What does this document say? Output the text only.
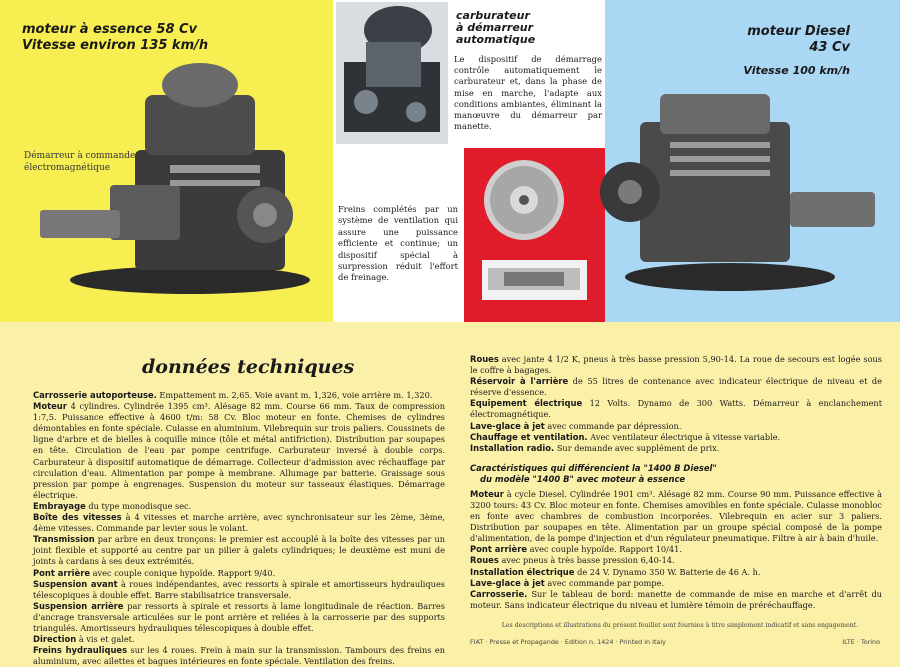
moteur à essence 58 Cv
Vitesse environ 135 km/h
Démarreur à commande électromagnétique
carburateur
à démarreur
automatique
Le dispositif de démarrage contrôle automatiquement le carburateur et, dans la phase de mise en marche, l'adapte aux conditions ambiantes, éliminant la manœuvre du démarreur par manette.
Freins complétés par un système de ventilation qui assure une puissance efficiente et continue; un dispositif spécial à surpression réduit l'effort de freinage.
moteur Diesel
43 Cv
Vitesse 100 km/h
données techniques

Carrosserie autoporteuse. Empattement m. 2,65. Voie avant m. 1,326, voie arrière m. 1,320.

Moteur 4 cylindres. Cylindrée 1395 cm³. Alésage 82 mm. Course 66 mm. Taux de compression 1:7,5. Puissance effective à 4600 t/m: 58 Cv. Bloc moteur en fonte. Chemises de cylindres démontables en fonte spéciale. Culasse en aluminium. Vilebrequin sur trois paliers. Coussinets de ligne d'arbre et de bielles à coquille mince (tôle et métal antifriction). Distribution par soupapes en tête. Circulation de l'eau par pompe centrifuge. Carburateur inversé à double corps. Carburateur à dispositif automatique de démarrage. Collecteur d'admission avec réchauffage par circulation d'eau. Alimentation par pompe à membrane. Allumage par batterie. Graissage sous pression par pompe à engrenages. Suspension du moteur sur tasseaux élastiques. Démarrage électrique.

Embrayage du type monodisque sec.

Boîte des vitesses à 4 vitesses et marche arrière, avec synchronisateur sur les 2ème, 3ème, 4ème vitesses. Commande par levier sous le volant.

Transmission par arbre en deux tronçons: le premier est accouplé à la boîte des vitesses par un joint flexible et supporté au centre par un pilier à galets cylindriques; le deuxième est muni de joints à cardans à ses deux extrémités.

Pont arrière avec couple conique hypoïde. Rapport 9/40.

Suspension avant à roues indépendantes, avec ressorts à spirale et amortisseurs hydrauliques télescopiques à double effet. Barre stabilisatrice transversale.

Suspension arrière par ressorts à spirale et ressorts à lame longitudinale de réaction. Barres d'ancrage transversale articulées sur le pont arrière et reliées à la carrosserie par des supports triangulés. Amortisseurs hydrauliques télescopiques à double effet.

Direction à vis et galet.

Freins hydrauliques sur les 4 roues. Frein à main sur la transmission. Tambours des freins en aluminium, avec ailettes et bagues intérieures en fonte spéciale. Ventilation des freins.

Roues avec jante 4 1/2 K, pneus à très basse pression 5,90-14. La roue de secours est logée sous le coffre à bagages.

Réservoir à l'arrière de 55 litres de contenance avec indicateur électrique de niveau et de réserve d'essence.

Equipement électrique 12 Volts. Dynamo de 300 Watts. Démarreur à enclanchement électromagnétique.

Lave-glace à jet avec commande par dépression.

Chauffage et ventilation. Avec ventilateur électrique à vitesse variable.

Installation radio. Sur demande avec supplément de prix.

Caractéristiques qui différencient la "1400 B Diesel"
du modèle "1400 B" avec moteur à essence

Moteur à cycle Diesel. Cylindrée 1901 cm³. Alésage 82 mm. Course 90 mm. Puissance effective à 3200 tours: 43 Cv. Bloc moteur en fonte. Chemises amovibles en fonte spéciale. Culasse monobloc en fonte avec chambres de combustion incorporées. Vilebrequin en acier sur 3 paliers. Distribution par soupapes en tête. Alimentation par un groupe spécial composé de la pompe d'alimentation, de la pompe d'injection et d'un régulateur pneumatique. Filtre à air à bain d'huile.

Pont arrière avec couple hypoïde. Rapport 10/41.

Roues avec pneus à très basse pression 6,40-14.

Installation électrique de 24 V. Dynamo 350 W. Batterie de 46 A. h.

Lave-glace à jet avec commande par pompe.

Carrosserie. Sur le tableau de bord: manette de commande de mise en marche et d'arrêt du moteur. Sans indicateur électrique du niveau et lumière témoin de préréchauffage.

Les descriptions et illustrations du présent feuillet sont fournies à titre simplement indicatif et sans engagement.
FIAT · Presse et Propagande · Edition n. 1424 · Printed in Italy	ILTE · Torino
